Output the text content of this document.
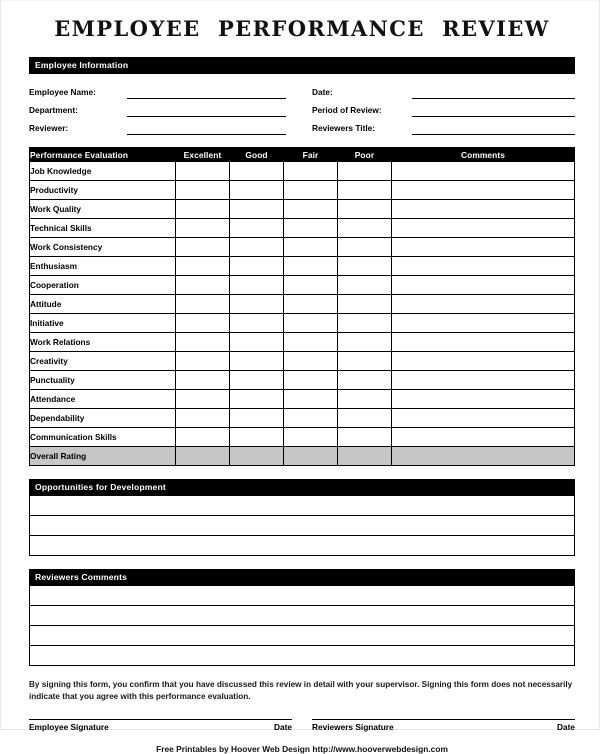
EMPLOYEE  PERFORMANCE  REVIEW
Employee Information
Employee Name:
Department:
Reviewer:
Date:
Period of Review:
Reviewers Title:
Performance Evaluation	Excellent	Good	Fair	Poor	Comments
Job Knowledge					
Productivity					
Work Quality					
Technical Skills					
Work Consistency					
Enthusiasm					
Cooperation					
Attitude					
Initiative					
Work Relations					
Creativity					
Punctuality					
Attendance					
Dependability					
Communication Skills					
Overall Rating					
Opportunities for Development
Reviewers Comments

By signing this form, you confirm that you have discussed this review in detail with your supervisor. Signing this form does not necessarily indicate that you agree with this performance evaluation.

Employee Signature	Date Reviewers Signature	Date
Free Printables by Hoover Web Design http://www.hooverwebdesign.com
